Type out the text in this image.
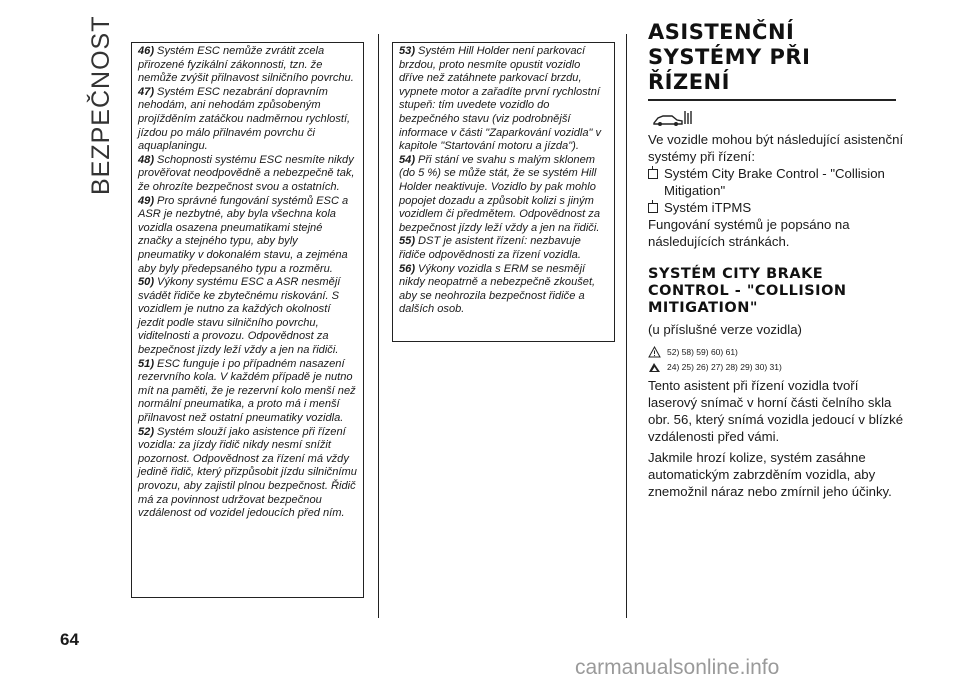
BEZPEČNOST 46) Systém ESC nemůže zvrátit zcela přirozené fyzikální zákonnosti, tzn. že nemůže zvýšit přilnavost silničního povrchu.

47) Systém ESC nezabrání dopravním nehodám, ani nehodám způsobeným projížděním zatáčkou nadměrnou rychlostí, jízdou po málo přilnavém povrchu či aquaplaningu.

48) Schopnosti systému ESC nesmíte nikdy prověřovat neodpovědně a nebezpečně tak, že ohrozíte bezpečnost svou a ostatních.

49) Pro správné fungování systémů ESC a ASR je nezbytné, aby byla všechna kola vozidla osazena pneumatikami stejné značky a stejného typu, aby byly pneumatiky v dokonalém stavu, a zejména aby byly předepsaného typu a rozměru.

50) Výkony systému ESC a ASR nesmějí svádět řidiče ke zbytečnému riskování. S vozidlem je nutno za každých okolností jezdit podle stavu silničního povrchu, viditelnosti a provozu. Odpovědnost za bezpečnost jízdy leží vždy a jen na řidiči.

51) ESC funguje i po případném nasazení rezervního kola. V každém případě je nutno mít na paměti, že je rezervní kolo menší než normální pneumatika, a proto má i menší přilnavost než ostatní pneumatiky vozidla.

52) Systém slouží jako asistence při řízení vozidla: za jízdy řidič nikdy nesmí snížit pozornost. Odpovědnost za řízení má vždy jedině řidič, který přizpůsobit jízdu silničnímu provozu, aby zajistil plnou bezpečnost. Řidič má za povinnost udržovat bezpečnou vzdálenost od vozidel jedoucích před ním.

53) Systém Hill Holder není parkovací brzdou, proto nesmíte opustit vozidlo dříve než zatáhnete parkovací brzdu, vypnete motor a zařadíte první rychlostní stupeň: tím uvedete vozidlo do bezpečného stavu (viz podrobnější informace v části "Zaparkování vozidla" v kapitole "Startování motoru a jízda").

54) Při stání ve svahu s malým sklonem (do 5 %) se může stát, že se systém Hill Holder neaktivuje. Vozidlo by pak mohlo popojet dozadu a způsobit kolizi s jiným vozidlem či předmětem. Odpovědnost za bezpečnost jízdy leží vždy a jen na řidiči.

55) DST je asistent řízení: nezbavuje řidiče odpovědnosti za řízení vozidla.

56) Výkony vozidla s ERM se nesmějí nikdy neopatrně a nebezpečně zkoušet, aby se neohrozila bezpečnost řidiče a dalších osob.

ASISTENČNÍ SYSTÉMY PŘI ŘÍZENÍ

Ve vozidle mohou být následující asistenční systémy při řízení:

Systém City Brake Control - "Collision Mitigation"

Systém iTPMS

Fungování systémů je popsáno na následujících stránkách.

SYSTÉM CITY BRAKE CONTROL - "COLLISION MITIGATION"

(u příslušné verze vozidla)

52) 58) 59) 60) 61)
24) 25) 26) 27) 28) 29) 30) 31)

Tento asistent při řízení vozidla tvoří laserový snímač v horní části čelního skla obr. 56, který snímá vozidla jedoucí v blízké vzdálenosti před vámi.

Jakmile hrozí kolize, systém zasáhne automatickým zabrzděním vozidla, aby znemožnil náraz nebo zmírnil jeho účinky.

64
carmanualsonline.info
